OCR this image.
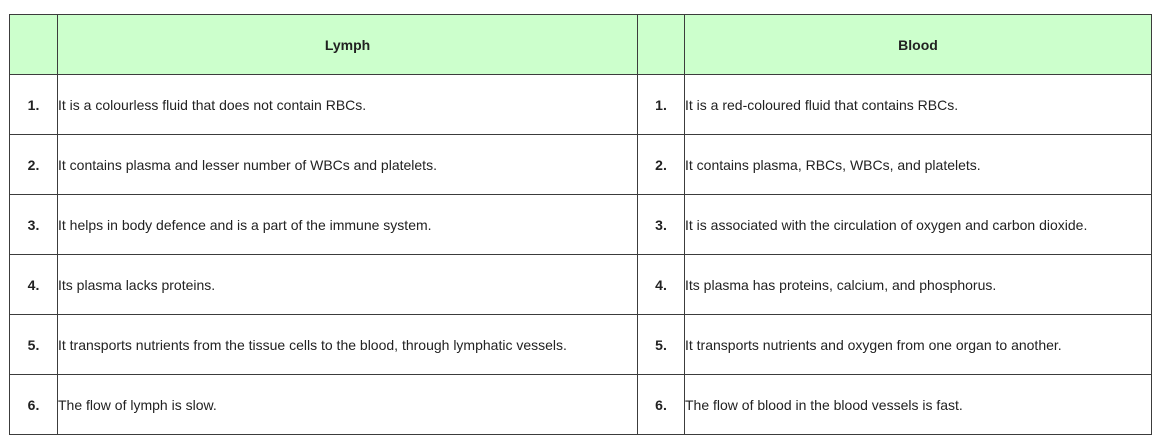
	Lymph		Blood
1.	It is a colourless fluid that does not contain RBCs.	1.	It is a red-coloured fluid that contains RBCs.
2.	It contains plasma and lesser number of WBCs and platelets.	2.	It contains plasma, RBCs, WBCs, and platelets.
3.	It helps in body defence and is a part of the immune system.	3.	It is associated with the circulation of oxygen and carbon dioxide.
4.	Its plasma lacks proteins.	4.	Its plasma has proteins, calcium, and phosphorus.
5.	It transports nutrients from the tissue cells to the blood, through lymphatic vessels.	5.	It transports nutrients and oxygen from one organ to another.
6.	The flow of lymph is slow.	6.	The flow of blood in the blood vessels is fast.
